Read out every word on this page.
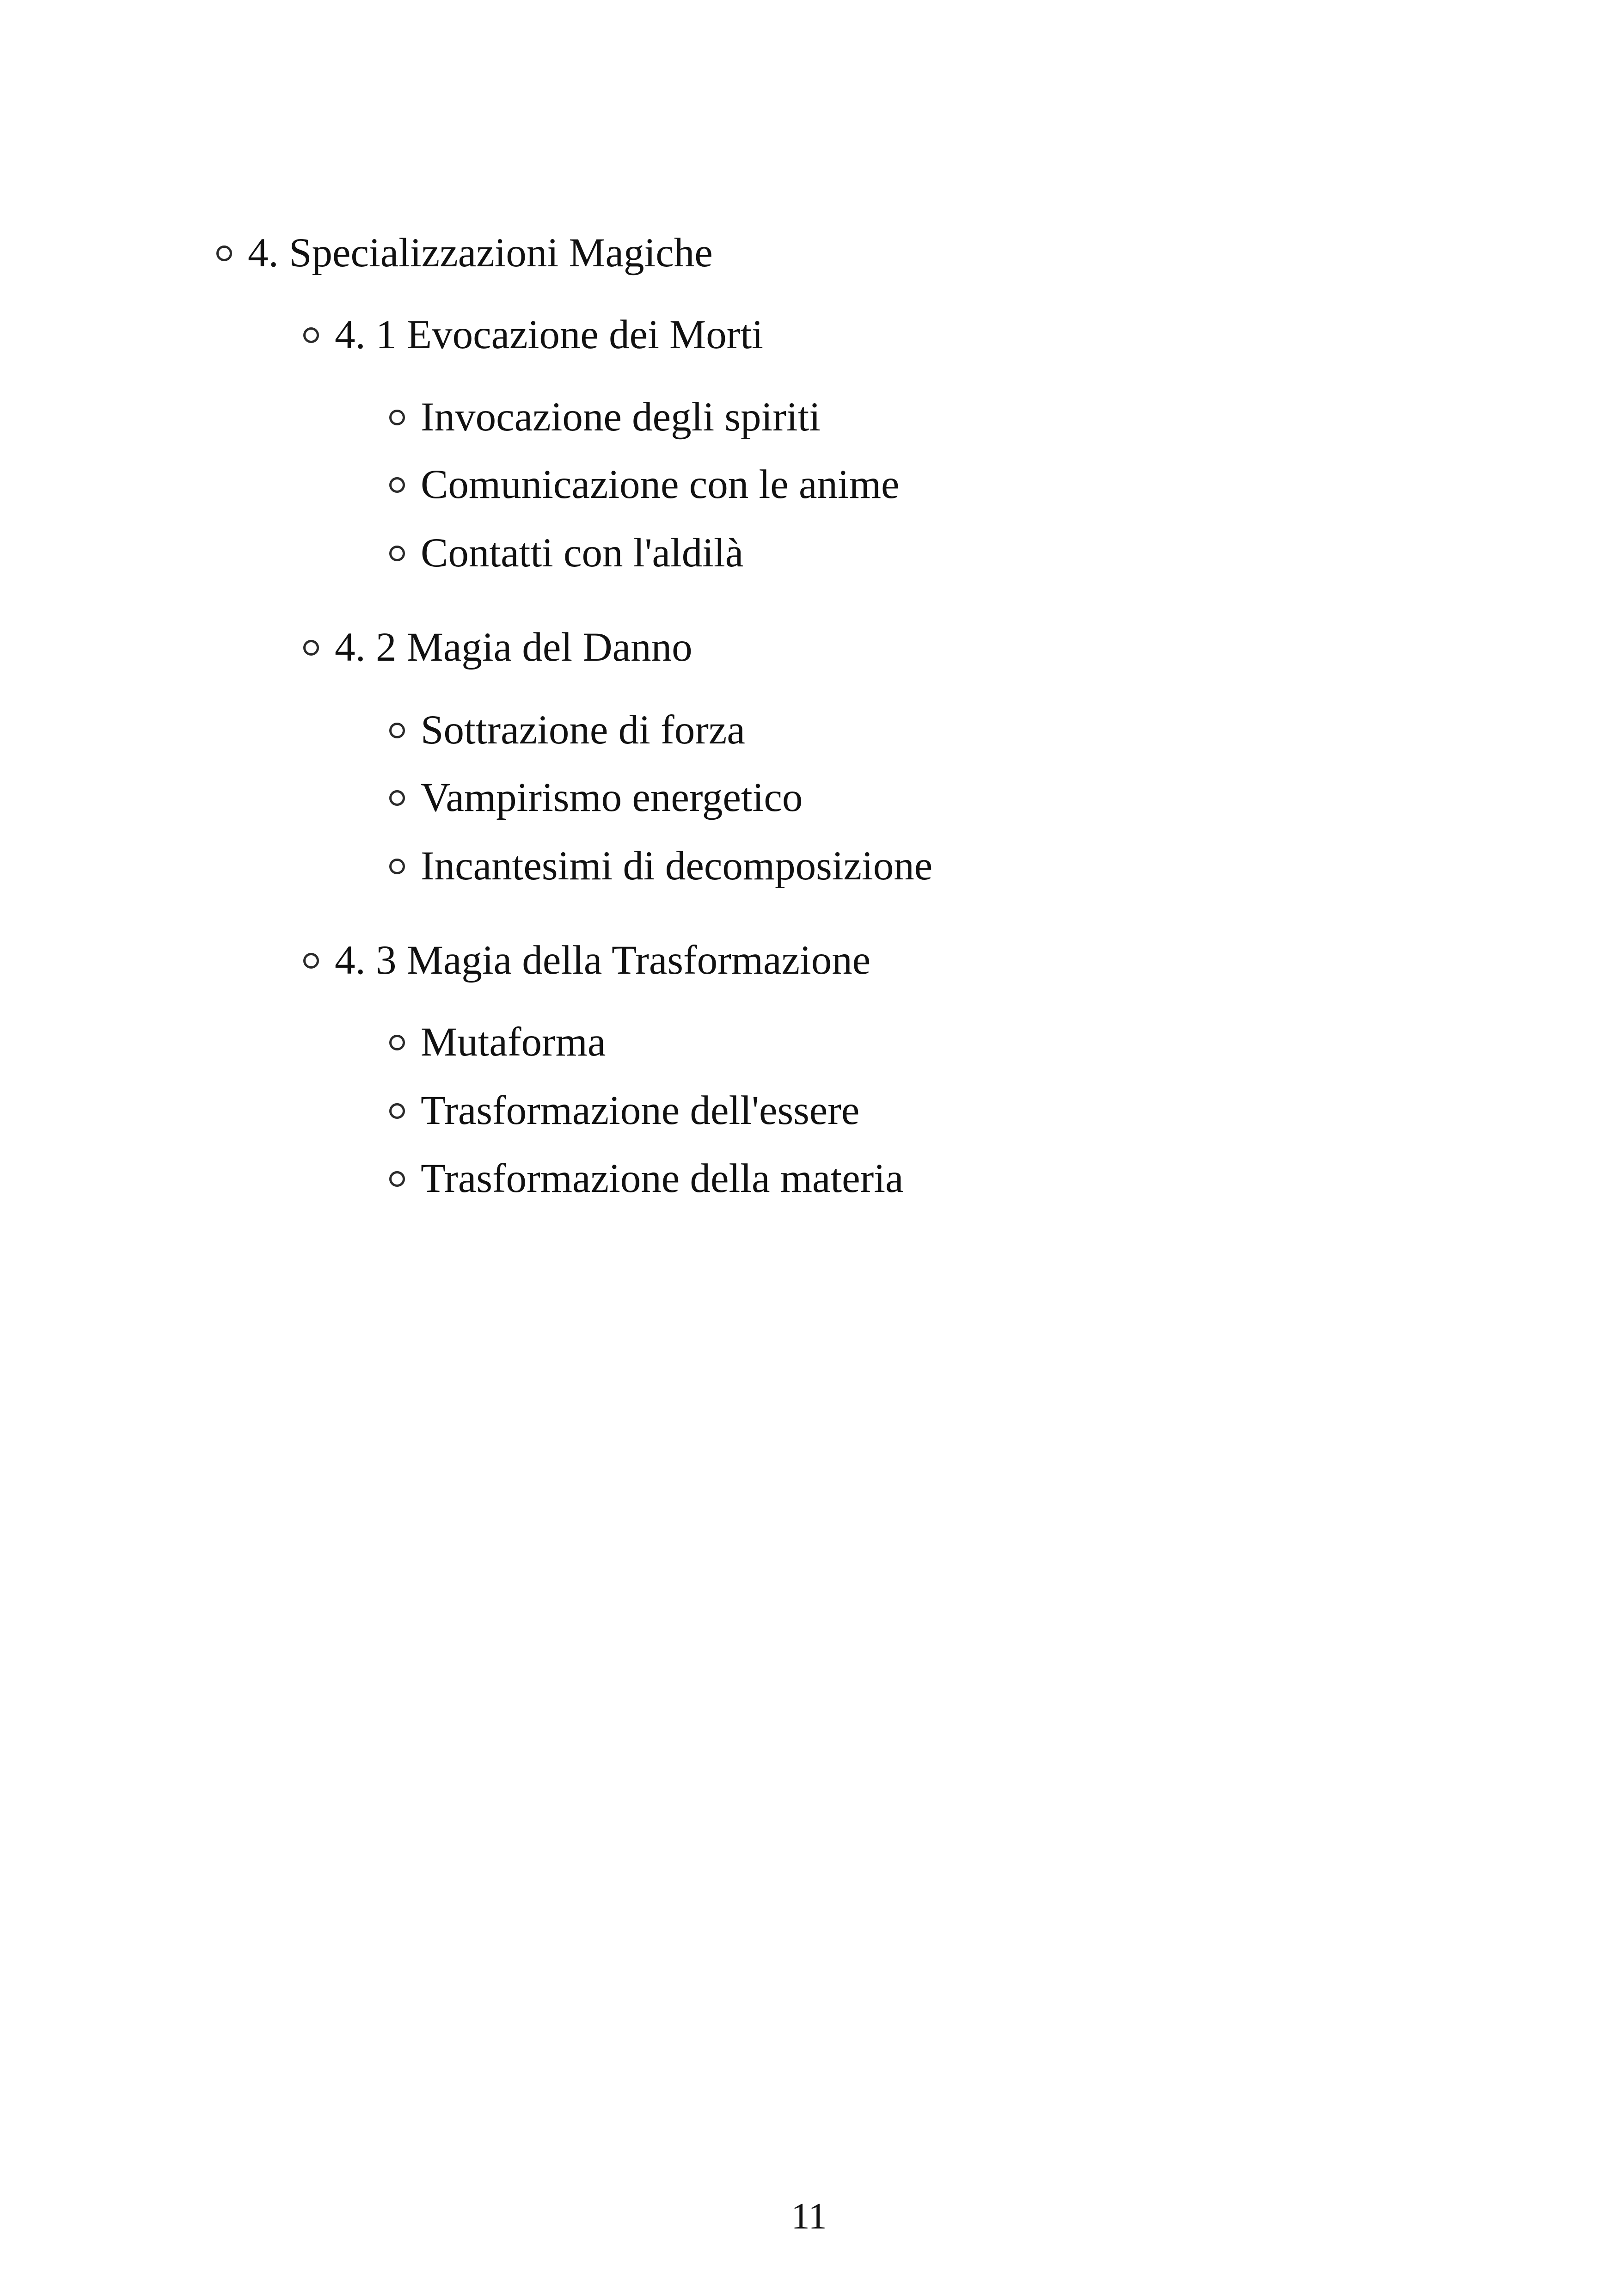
4. Specializzazioni Magiche
4. 1 Evocazione dei Morti
Invocazione degli spiriti
Comunicazione con le anime
Contatti con l'aldilà
4. 2 Magia del Danno
Sottrazione di forza
Vampirismo energetico
Incantesimi di decomposizione
4. 3 Magia della Trasformazione
Mutaforma
Trasformazione dell'essere
Trasformazione della materia
11
